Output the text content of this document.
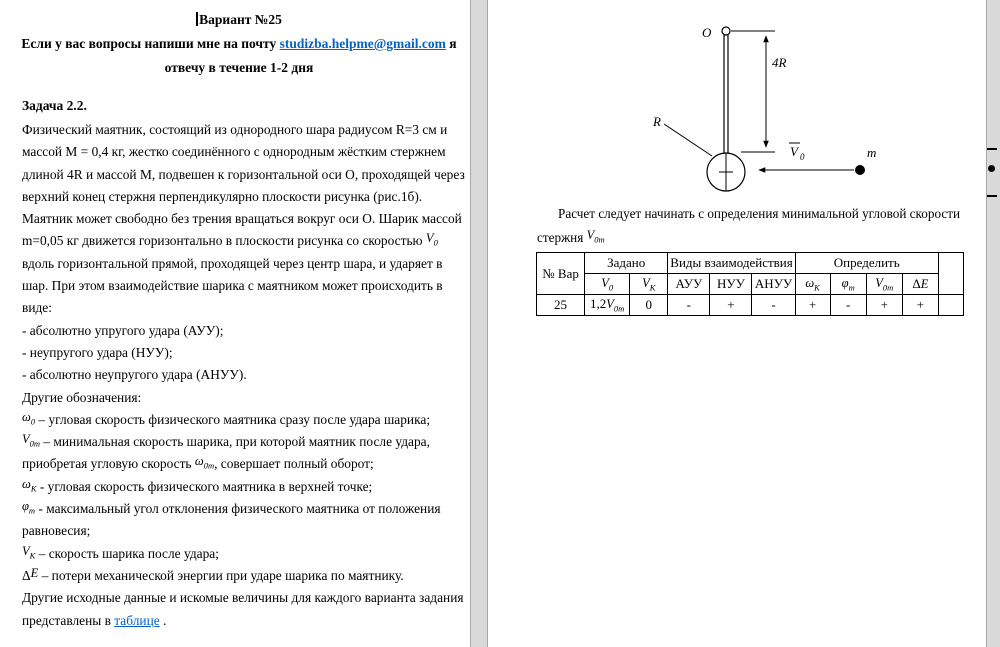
Вариант №25
Если у вас вопросы напиши мне на почту studizba.helpme@gmail.com я
отвечу в течение 1-2 дня
Задача 2.2.
Физический маятник, состоящий из однородного шара радиусом R=3 см и
массой М = 0,4 кг, жестко соединённого с однородным жёстким стержнем
длиной 4R и массой М, подвешен к горизонтальной оси О, проходящей через
верхний конец стержня перпендикулярно плоскости рисунка (рис.1б).
Маятник может свободно без трения вращаться вокруг оси О. Шарик массой
m=0,05 кг движется горизонтально в плоскости рисунка со скоростью $V_0$
вдоль горизонтальной прямой, проходящей через центр шара, и ударяет в
шар. При этом взаимодействие шарика с маятником может происходить в
виде:
- абсолютно упругого удара (АУУ);
- неупругого удара (НУУ);
- абсолютно неупругого удара (АНУУ).
Другие обозначения:
$\omega_0$ – угловая скорость физического маятника сразу после удара шарика;
$V_{0m}$ – минимальная скорость шарика, при которой маятник после удара,
приобретая угловую скорость $\omega_{0m}$, совершает полный оборот;
$\omega_K$ - угловая скорость физического маятника в верхней точке;
$\varphi_m$ - максимальный угол отклонения физического маятника от положения
равновесия;
$V_K$ – скорость шарика после удара;
ΔE – потери механической энергии при ударе шарика по маятнику.
Другие исходные данные и искомые величины для каждого варианта задания
представлены в таблице .
O
R
4R
m
V 0
Расчет следует начинать с определения минимальной угловой скорости
стержня $V_{0m}$
№ Вар	Задано		Виды взаимодействия			Определить				
	$V_0$	$V_K$	АУУ	НУУ	АНУУ	$\omega_K$	$\varphi_m$	$V_{0m}$	ΔE	
25	$1,2V_{0m}$	0	-	+	-	+	-	+	+	
